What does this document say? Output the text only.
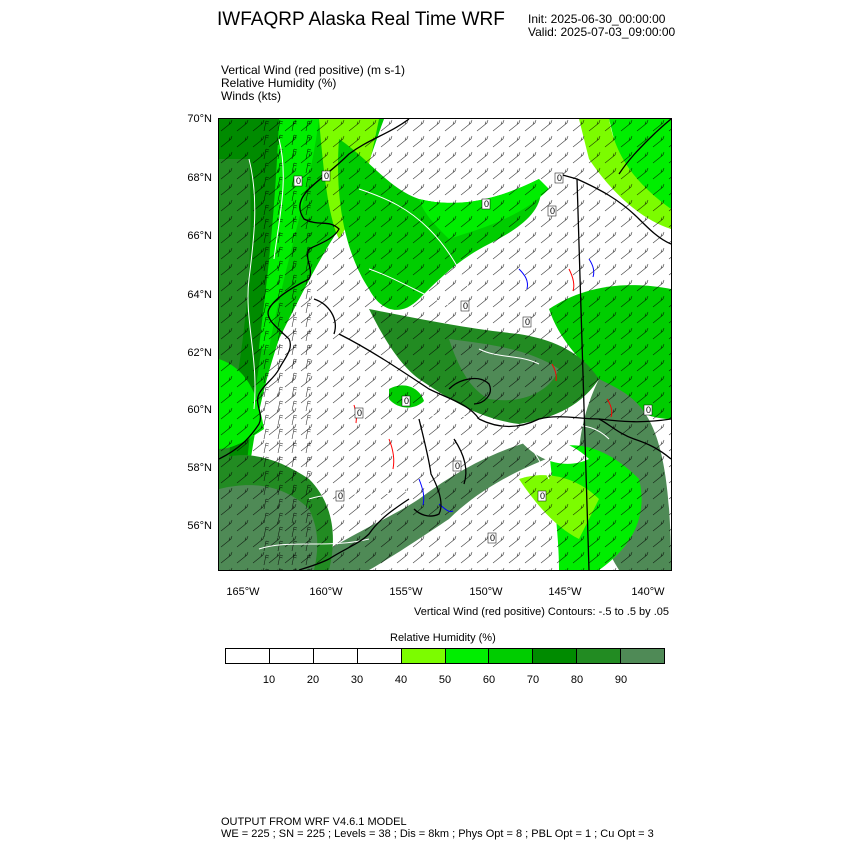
IWFAQRP Alaska Real Time WRF Init: 2025-06-30_00:00:00
Valid: 2025-07-03_09:00:00
Vertical Wind (red positive) (m s-1)
Relative Humidity (%)
Winds (kts)
70°N
68°N
66°N
64°N
62°N
60°N
58°N
56°N
0	0
0
0
0
0
0
0
0
0
0
0
0
0
165°W	160°W	155°W	150°W	145°W	140°W
Vertical Wind (red positive) Contours: -.5 to .5 by .05
Relative Humidity (%)
10	20	30	40	50	60	70	80	90
OUTPUT FROM WRF V4.6.1 MODEL
WE = 225 ; SN = 225 ; Levels = 38 ; Dis = 8km ; Phys Opt = 8 ; PBL Opt = 1 ; Cu Opt = 3
